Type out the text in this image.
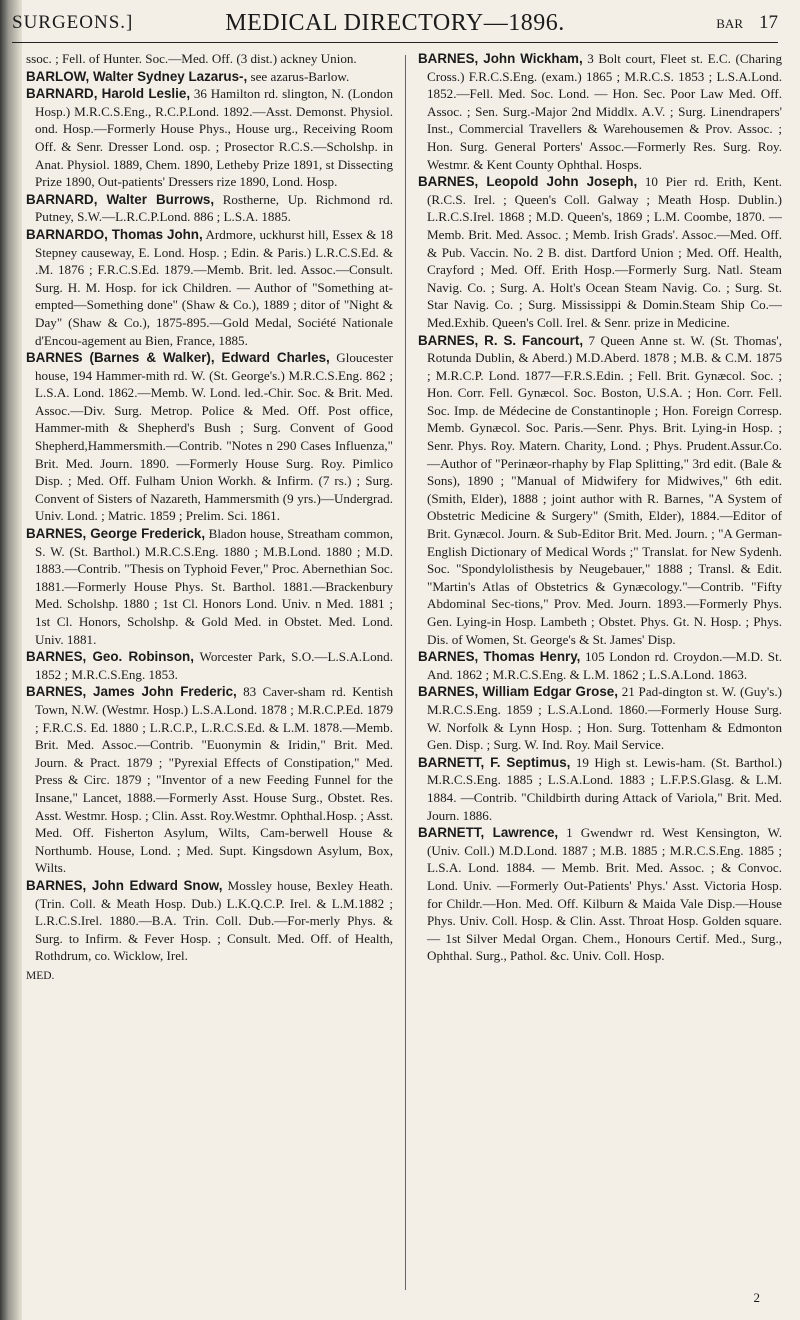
SURGEONS.]	MEDICAL DIRECTORY—1896.	BAR 17

ssoc. ; Fell. of Hunter. Soc.—Med. Off. (3 dist.) ackney Union.

BARLOW, Walter Sydney Lazarus-, see azarus-Barlow.

BARNARD, Harold Leslie, 36 Hamilton rd. slington, N. (London Hosp.) M.R.C.S.Eng., R.C.P.Lond. 1892.—Asst. Demonst. Physiol. ond. Hosp.—Formerly House Phys., House urg., Receiving Room Off. & Senr. Dresser Lond. osp. ; Prosector R.C.S.—Scholshp. in Anat. Physiol. 1889, Chem. 1890, Letheby Prize 1891, st Dissecting Prize 1890, Out-patients' Dressers rize 1890, Lond. Hosp.

BARNARD, Walter Burrows, Rostherne, Up. Richmond rd. Putney, S.W.—L.R.C.P.Lond. 886 ; L.S.A. 1885.

BARNARDO, Thomas John, Ardmore, uckhurst hill, Essex & 18 Stepney causeway, E. Lond. Hosp. ; Edin. & Paris.) L.R.C.S.Ed. & .M. 1876 ; F.R.C.S.Ed. 1879.—Memb. Brit. led. Assoc.—Consult. Surg. H. M. Hosp. for ick Children. — Author of "Something at-empted—Something done" (Shaw & Co.), 1889 ; ditor of "Night & Day" (Shaw & Co.), 1875-895.—Gold Medal, Société Nationale d'Encou-agement au Bien, France, 1885.

BARNES (Barnes & Walker), Edward Charles, Gloucester house, 194 Hammer-mith rd. W. (St. George's.) M.R.C.S.Eng. 862 ; L.S.A. Lond. 1862.—Memb. W. Lond. led.-Chir. Soc. & Brit. Med. Assoc.—Div. Surg. Metrop. Police & Med. Off. Post office, Hammer-mith & Shepherd's Bush ; Surg. Convent of Good Shepherd,Hammersmith.—Contrib. "Notes n 290 Cases Influenza," Brit. Med. Journ. 1890. —Formerly House Surg. Roy. Pimlico Disp. ; Med. Off. Fulham Union Workh. & Infirm. (7 rs.) ; Surg. Convent of Sisters of Nazareth, Hammersmith (9 yrs.)—Undergrad. Univ. Lond. ; Matric. 1859 ; Prelim. Sci. 1861.

BARNES, George Frederick, Bladon house, Streatham common, S. W. (St. Barthol.) M.R.C.S.Eng. 1880 ; M.B.Lond. 1880 ; M.D. 1883.—Contrib. "Thesis on Typhoid Fever," Proc. Abernethian Soc. 1881.—Formerly House Phys. St. Barthol. 1881.—Brackenbury Med. Scholshp. 1880 ; 1st Cl. Honors Lond. Univ. n Med. 1881 ; 1st Cl. Honors, Scholshp. & Gold Med. in Obstet. Med. Lond. Univ. 1881.

BARNES, Geo. Robinson, Worcester Park, S.O.—L.S.A.Lond. 1852 ; M.R.C.S.Eng. 1853.

BARNES, James John Frederic, 83 Caver-sham rd. Kentish Town, N.W. (Westmr. Hosp.) L.S.A.Lond. 1878 ; M.R.C.P.Ed. 1879 ; F.R.C.S. Ed. 1880 ; L.R.C.P., L.R.C.S.Ed. & L.M. 1878.—Memb. Brit. Med. Assoc.—Contrib. "Euonymin & Iridin," Brit. Med. Journ. & Pract. 1879 ; "Pyrexial Effects of Constipation," Med. Press & Circ. 1879 ; "Inventor of a new Feeding Funnel for the Insane," Lancet, 1888.—Formerly Asst. House Surg., Obstet. Res. Asst. Westmr. Hosp. ; Clin. Asst. Roy.Westmr. Ophthal.Hosp. ; Asst. Med. Off. Fisherton Asylum, Wilts, Cam-berwell House & Northumb. House, Lond. ; Med. Supt. Kingsdown Asylum, Box, Wilts.

BARNES, John Edward Snow, Mossley house, Bexley Heath. (Trin. Coll. & Meath Hosp. Dub.) L.K.Q.C.P. Irel. & L.M.1882 ; L.R.C.S.Irel. 1880.—B.A. Trin. Coll. Dub.—For-merly Phys. & Surg. to Infirm. & Fever Hosp. ; Consult. Med. Off. of Health, Rothdrum, co. Wicklow, Irel.

MED.

BARNES, John Wickham, 3 Bolt court, Fleet st. E.C. (Charing Cross.) F.R.C.S.Eng. (exam.) 1865 ; M.R.C.S. 1853 ; L.S.A.Lond. 1852.—Fell. Med. Soc. Lond. — Hon. Sec. Poor Law Med. Off. Assoc. ; Sen. Surg.-Major 2nd Middlx. A.V. ; Surg. Linendrapers' Inst., Commercial Travellers & Warehousemen & Prov. Assoc. ; Hon. Surg. General Porters' Assoc.—Formerly Res. Surg. Roy. Westmr. & Kent County Ophthal. Hosps.

BARNES, Leopold John Joseph, 10 Pier rd. Erith, Kent. (R.C.S. Irel. ; Queen's Coll. Galway ; Meath Hosp. Dublin.) L.R.C.S.Irel. 1868 ; M.D. Queen's, 1869 ; L.M. Coombe, 1870. —Memb. Brit. Med. Assoc. ; Memb. Irish Grads'. Assoc.—Med. Off. & Pub. Vaccin. No. 2 B. dist. Dartford Union ; Med. Off. Health, Crayford ; Med. Off. Erith Hosp.—Formerly Surg. Natl. Steam Navig. Co. ; Surg. A. Holt's Ocean Steam Navig. Co. ; Surg. St. Star Navig. Co. ; Surg. Mississippi & Domin.Steam Ship Co.—Med.Exhib. Queen's Coll. Irel. & Senr. prize in Medicine.

BARNES, R. S. Fancourt, 7 Queen Anne st. W. (St. Thomas', Rotunda Dublin, & Aberd.) M.D.Aberd. 1878 ; M.B. & C.M. 1875 ; M.R.C.P. Lond. 1877—F.R.S.Edin. ; Fell. Brit. Gynæcol. Soc. ; Hon. Corr. Fell. Gynæcol. Soc. Boston, U.S.A. ; Hon. Corr. Fell. Soc. Imp. de Médecine de Constantinople ; Hon. Foreign Corresp. Memb. Gynæcol. Soc. Paris.—Senr. Phys. Brit. Lying-in Hosp. ; Senr. Phys. Roy. Matern. Charity, Lond. ; Phys. Prudent.Assur.Co.—Author of "Perinæor-rhaphy by Flap Splitting," 3rd edit. (Bale & Sons), 1890 ; "Manual of Midwifery for Midwives," 6th edit. (Smith, Elder), 1888 ; joint author with R. Barnes, "A System of Obstetric Medicine & Surgery" (Smith, Elder), 1884.—Editor of Brit. Gynæcol. Journ. & Sub-Editor Brit. Med. Journ. ; "A German-English Dictionary of Medical Words ;" Translat. for New Sydenh. Soc. "Spondylolisthesis by Neugebauer," 1888 ; Transl. & Edit. "Martin's Atlas of Obstetrics & Gynæcology."—Contrib. "Fifty Abdominal Sec-tions," Prov. Med. Journ. 1893.—Formerly Phys. Gen. Lying-in Hosp. Lambeth ; Obstet. Phys. Gt. N. Hosp. ; Phys. Dis. of Women, St. George's & St. James' Disp.

BARNES, Thomas Henry, 105 London rd. Croydon.—M.D. St. And. 1862 ; M.R.C.S.Eng. & L.M. 1862 ; L.S.A.Lond. 1863.

BARNES, William Edgar Grose, 21 Pad-dington st. W. (Guy's.) M.R.C.S.Eng. 1859 ; L.S.A.Lond. 1860.—Formerly House Surg. W. Norfolk & Lynn Hosp. ; Hon. Surg. Tottenham & Edmonton Gen. Disp. ; Surg. W. Ind. Roy. Mail Service.

BARNETT, F. Septimus, 19 High st. Lewis-ham. (St. Barthol.) M.R.C.S.Eng. 1885 ; L.S.A.Lond. 1883 ; L.F.P.S.Glasg. & L.M. 1884. —Contrib. "Childbirth during Attack of Variola," Brit. Med. Journ. 1886.

BARNETT, Lawrence, 1 Gwendwr rd. West Kensington, W. (Univ. Coll.) M.D.Lond. 1887 ; M.B. 1885 ; M.R.C.S.Eng. 1885 ; L.S.A. Lond. 1884. — Memb. Brit. Med. Assoc. ; & Convoc. Lond. Univ. —Formerly Out-Patients' Phys.' Asst. Victoria Hosp. for Childr.—Hon. Med. Off. Kilburn & Maida Vale Disp.—House Phys. Univ. Coll. Hosp. & Clin. Asst. Throat Hosp. Golden square. — 1st Silver Medal Organ. Chem., Honours Certif. Med., Surg., Ophthal. Surg., Pathol. &c. Univ. Coll. Hosp.

2
